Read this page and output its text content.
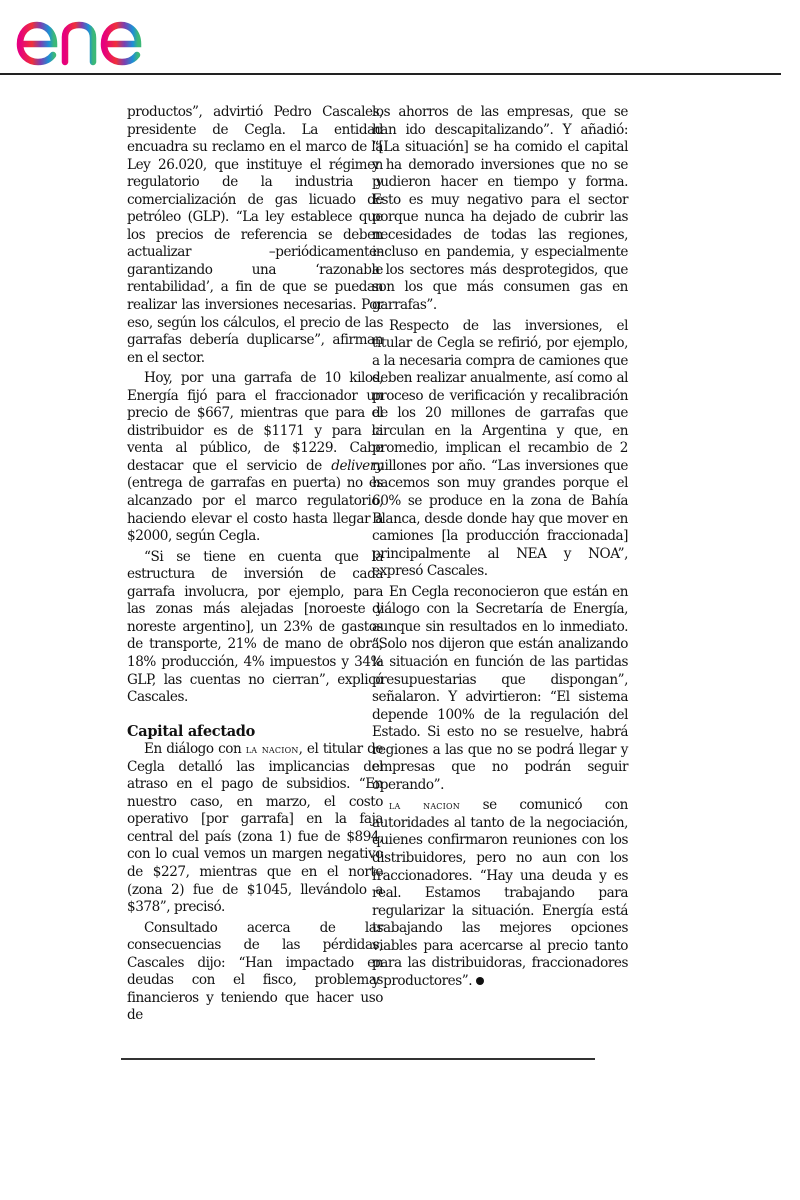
productos”, advirtió Pedro Cascales, presidente de Cegla. La entidad encuadra su reclamo en el marco de la Ley 26.020, que instituye el régimen regulatorio de la industria y comercialización de gas licuado de petróleo (GLP). “La ley establece que los precios de referencia se deben actualizar –periódicamente– garantizando una ‘razonable rentabilidad’, a fin de que se puedan realizar las inversiones necesarias. Por eso, según los cálculos, el precio de las garrafas debería duplicarse”, afirman en el sector.

Hoy, por una garrafa de 10 kilos, Energía fijó para el fraccionador un precio de $667, mientras que para el distribuidor es de $1171 y para la venta al público, de $1229. Cabe destacar que el servicio de delivery (entrega de garrafas en puerta) no es alcanzado por el marco regulatorio, haciendo elevar el costo hasta llegar a $2000, según Cegla.

“Si se tiene en cuenta que la estructura de inversión de cada garrafa involucra, por ejemplo, para las zonas más alejadas [noroeste y noreste argentino], un 23% de gastos de transporte, 21% de mano de obra, 18% producción, 4% impuestos y 34% GLP, las cuentas no cierran”, explicó Cascales.

Capital afectado

En diálogo con la nacion, el titular de Cegla detalló las implicancias del atraso en el pago de subsidios. “En nuestro caso, en marzo, el costo operativo [por garrafa] en la faja central del país (zona 1) fue de $894, con lo cual vemos un margen negativo de $227, mientras que en el norte (zona 2) fue de $1045, llevándolo a $378”, precisó.

Consultado acerca de las consecuencias de las pérdidas, Cascales dijo: “Han impactado en deudas con el fisco, problemas financieros y teniendo que hacer uso de

los ahorros de las empresas, que se han ido descapitalizando”. Y añadió: “[La situación] se ha comido el capital y ha demorado inversiones que no se pudieron hacer en tiempo y forma. Esto es muy negativo para el sector porque nunca ha dejado de cubrir las necesidades de todas las regiones, incluso en pandemia, y especialmente a los sectores más desprotegidos, que son los que más consumen gas en garrafas”.

Respecto de las inversiones, el titular de Cegla se refirió, por ejemplo, a la necesaria compra de camiones que deben realizar anualmente, así como al proceso de verificación y recalibración de los 20 millones de garrafas que circulan en la Argentina y que, en promedio, implican el recambio de 2 millones por año. “Las inversiones que hacemos son muy grandes porque el 60% se produce en la zona de Bahía Blanca, desde donde hay que mover en camiones [la producción fraccionada] principalmente al NEA y NOA”, expresó Cascales.

En Cegla reconocieron que están en diálogo con la Secretaría de Energía, aunque sin resultados en lo inmediato. “Solo nos dijeron que están analizando la situación en función de las partidas presupuestarias que dispongan”, señalaron. Y advirtieron: “El sistema depende 100% de la regulación del Estado. Si esto no se resuelve, habrá regiones a las que no se podrá llegar y empresas que no podrán seguir operando”.

la nacion se comunicó con autoridades al tanto de la negociación, quienes confirmaron reuniones con los distribuidores, pero no aun con los fraccionadores. “Hay una deuda y es real. Estamos trabajando para regularizar la situación. Energía está trabajando las mejores opciones viables para acercarse al precio tanto para las distribuidoras, fraccionadores y productores”.
